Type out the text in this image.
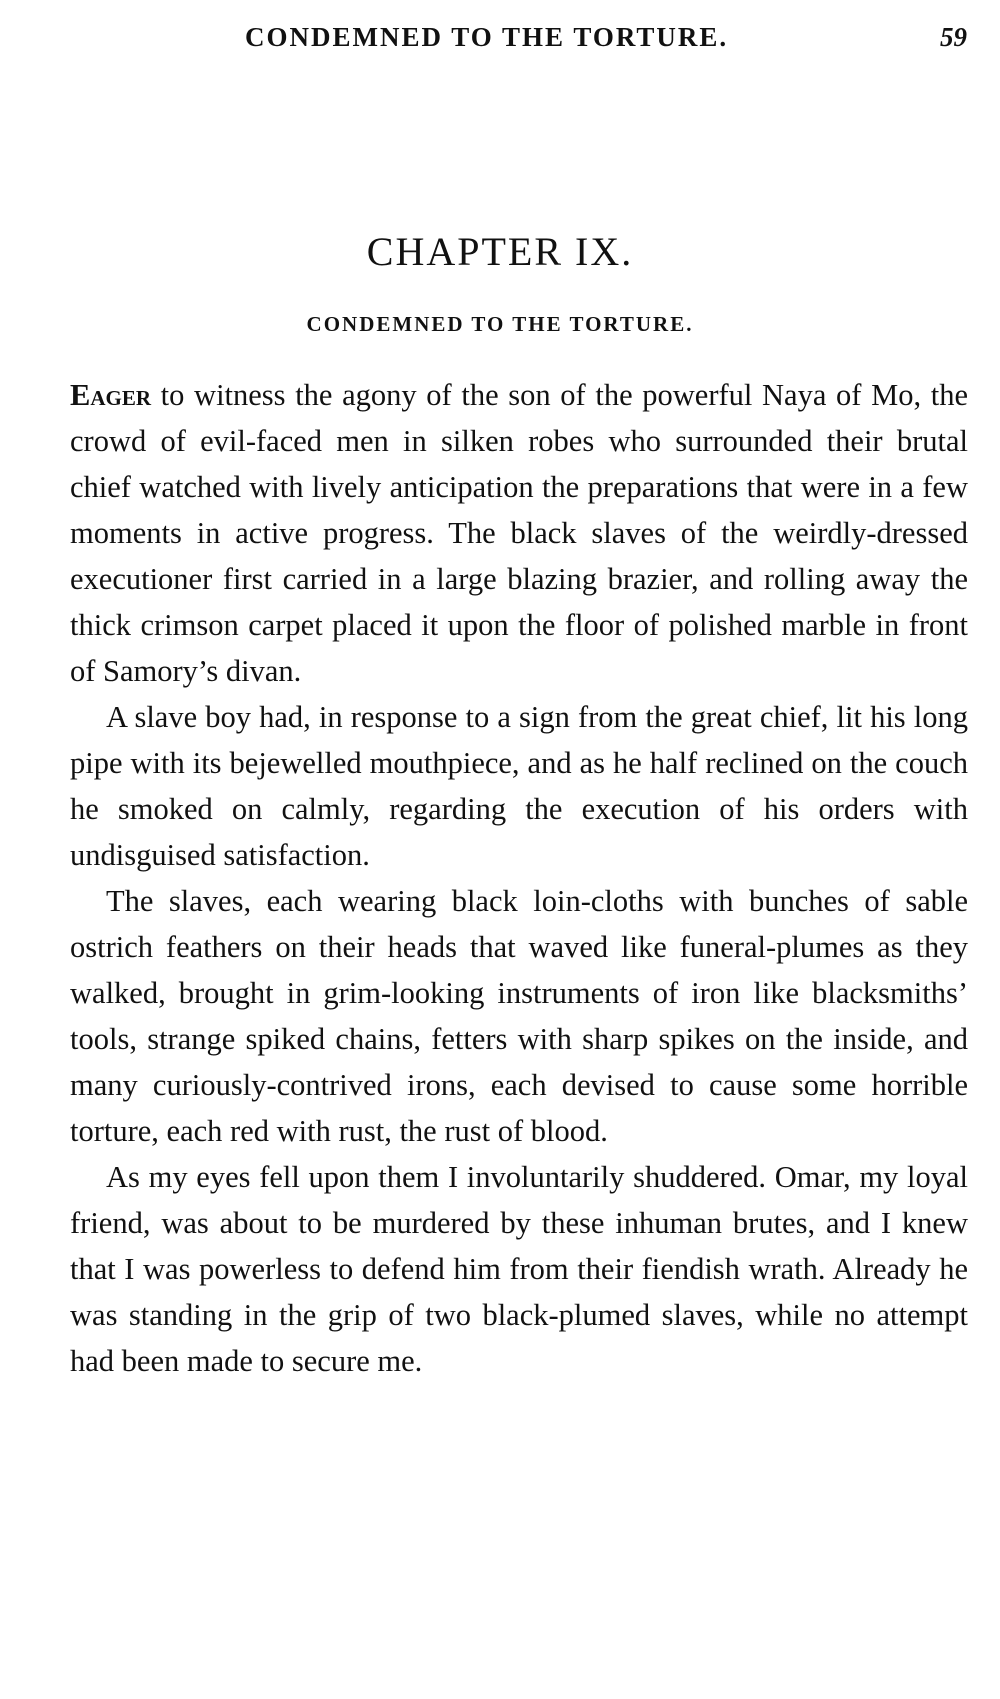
CONDEMNED TO THE TORTURE.	59
CHAPTER IX.
CONDEMNED TO THE TORTURE.

Eager to witness the agony of the son of the powerful Naya of Mo, the crowd of evil-faced men in silken robes who surrounded their brutal chief watched with lively anticipation the preparations that were in a few moments in active progress. The black slaves of the weirdly-dressed executioner first carried in a large blazing brazier, and rolling away the thick crimson carpet placed it upon the floor of polished marble in front of Samory’s divan.

A slave boy had, in response to a sign from the great chief, lit his long pipe with its bejewelled mouthpiece, and as he half reclined on the couch he smoked on calmly, regarding the execution of his orders with undisguised satisfaction.

The slaves, each wearing black loin-cloths with bunches of sable ostrich feathers on their heads that waved like funeral-plumes as they walked, brought in grim-looking instruments of iron like blacksmiths’ tools, strange spiked chains, fetters with sharp spikes on the inside, and many curiously-contrived irons, each devised to cause some horrible torture, each red with rust, the rust of blood.

As my eyes fell upon them I involuntarily shuddered. Omar, my loyal friend, was about to be murdered by these inhuman brutes, and I knew that I was powerless to defend him from their fiendish wrath. Already he was standing in the grip of two black-plumed slaves, while no attempt had been made to secure me.
